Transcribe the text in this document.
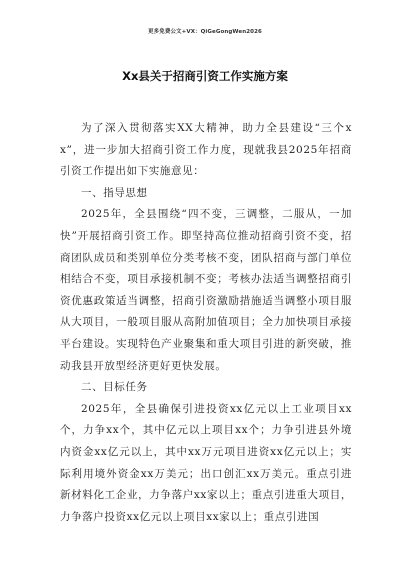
更多免费公文+VX：QiGeGongWen2026
Xx县关于招商引资工作实施方案

为了深入贯彻落实XX大精神，助力全县建设“三个xx”，进一步加大招商引资工作力度，现就我县2025年招商引资工作提出如下实施意见：

一、指导思想

2025年，全县围绕“四不变，三调整，二服从，一加快”开展招商引资工作。即坚持高位推动招商引资不变，招商团队成员和类别单位分类考核不变，团队招商与部门单位相结合不变，项目承接机制不变；考核办法适当调整招商引资优惠政策适当调整，招商引资激励措施适当调整小项目服从大项目，一般项目服从高附加值项目；全力加快项目承接平台建设。实现特色产业聚集和重大项目引进的新突破，推动我县开放型经济更好更快发展。

二、目标任务

2025年，全县确保引进投资xx亿元以上工业项目xx个，力争xx个，其中亿元以上项目xx个；力争引进县外境内资金xx亿元以上，其中xx万元项目进资xx亿元以上；实际利用境外资金xx万美元；出口创汇xx万美元。重点引进新材料化工企业，力争落户xx家以上；重点引进重大项目，力争落户投资xx亿元以上项目xx家以上；重点引进国
